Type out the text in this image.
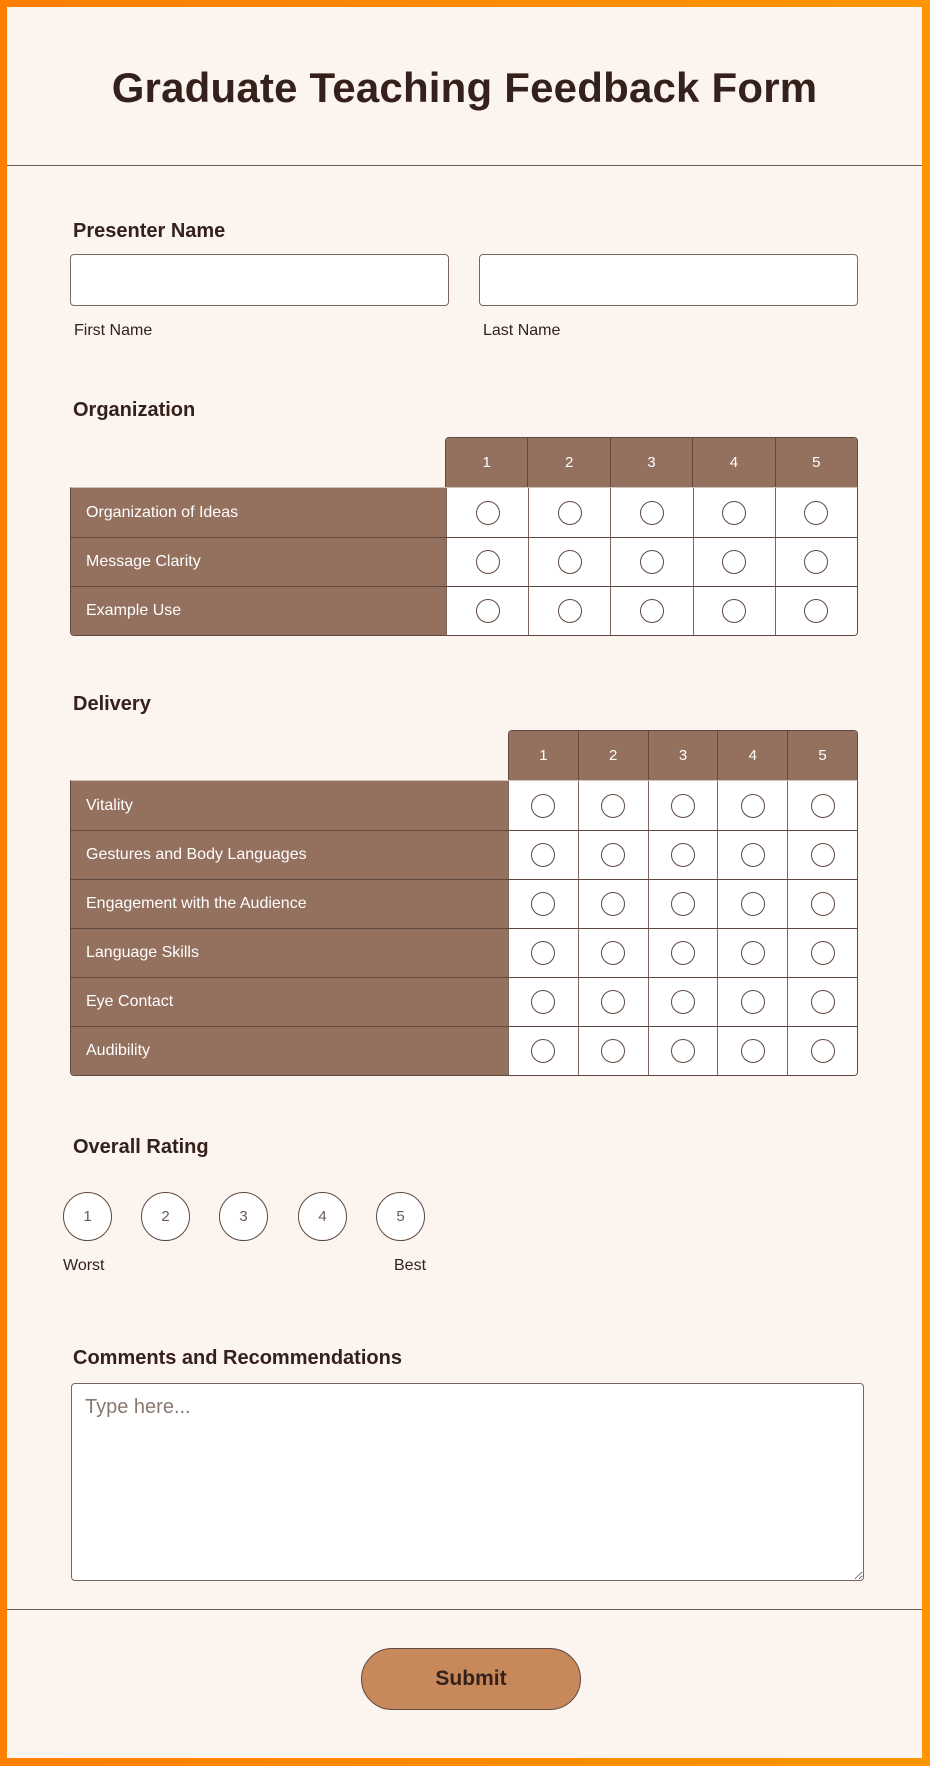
Graduate Teaching Feedback Form
Presenter Name
First Name	Last Name
Organization
1	2	3	4	5
Organization of Ideas
Message Clarity
Example Use
Delivery
1	2	3	4	5
Vitality
Gestures and Body Languages
Engagement with the Audience
Language Skills
Eye Contact
Audibility
Overall Rating
1	2	3	4	5
Worst	Best
Comments and Recommendations
Type here...
Submit
